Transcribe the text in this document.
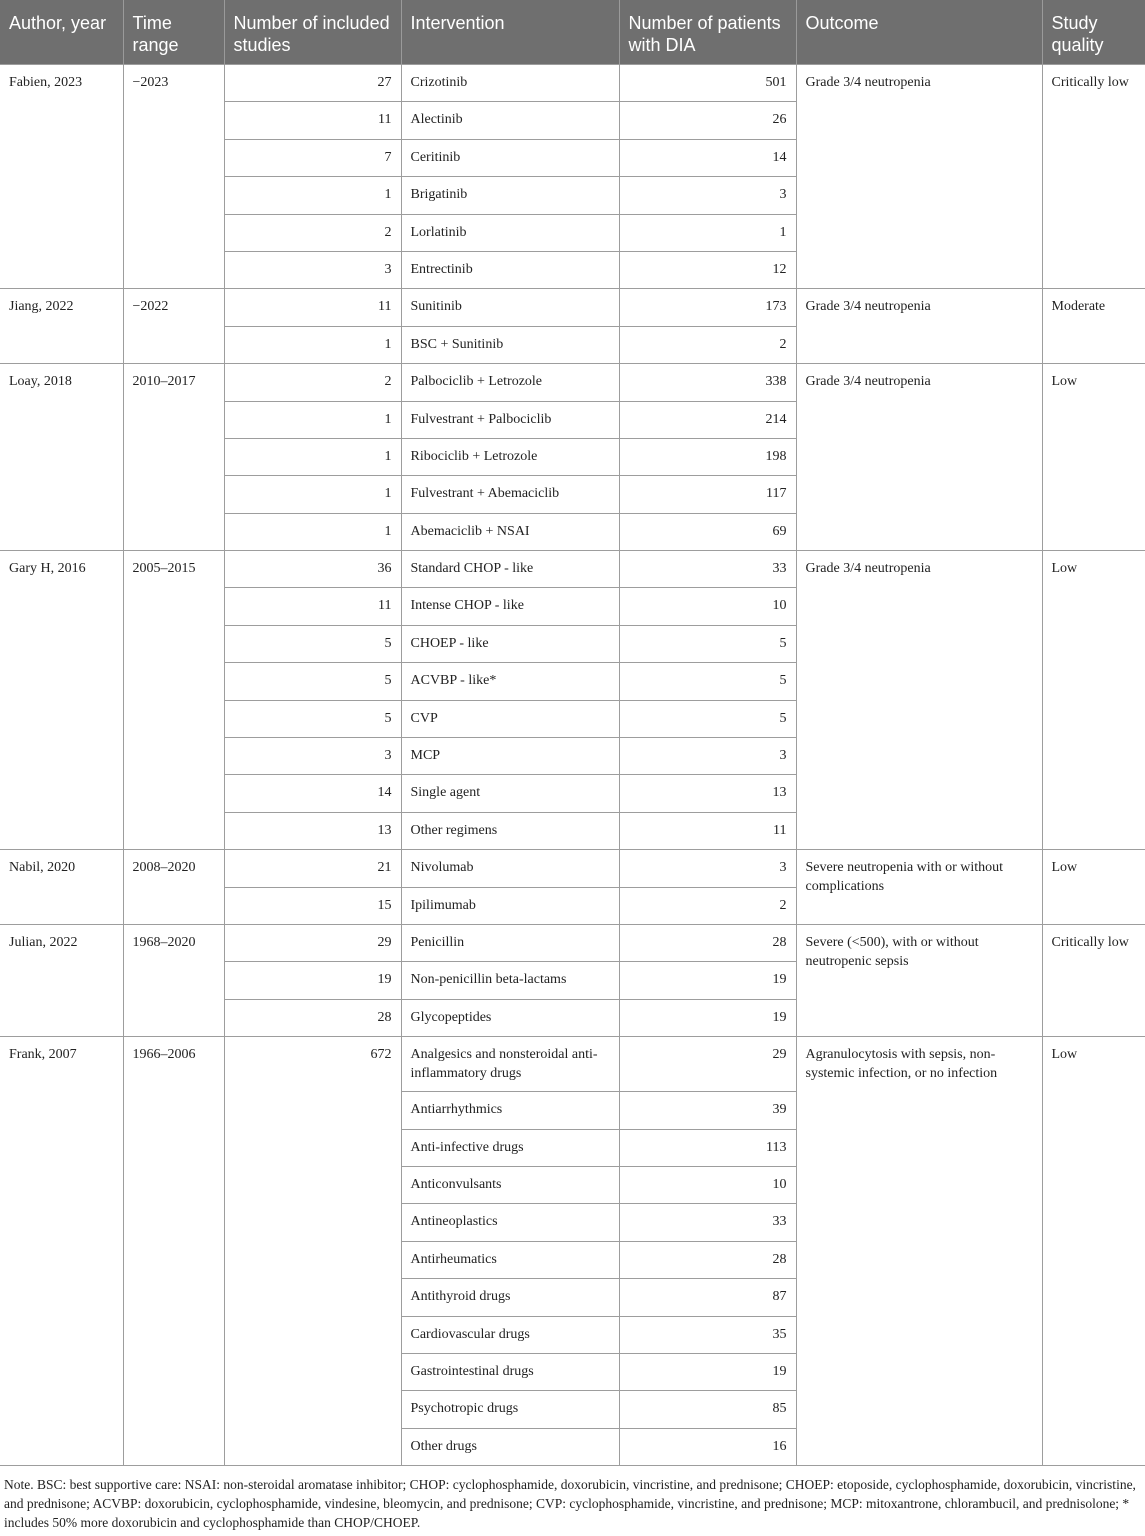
Author, year	Time range	Number of included studies	Intervention	Number of patients with DIA	Outcome	Study quality
Fabien, 2023	−2023	27	Crizotinib	501	Grade 3/4 neutropenia	Critically low
		11	Alectinib	26		
		7	Ceritinib	14		
		1	Brigatinib	3		
		2	Lorlatinib	1		
		3	Entrectinib	12		
Jiang, 2022	−2022	11	Sunitinib	173	Grade 3/4 neutropenia	Moderate
		1	BSC + Sunitinib	2		
Loay, 2018	2010–2017	2	Palbociclib + Letrozole	338	Grade 3/4 neutropenia	Low
		1	Fulvestrant + Palbociclib	214		
		1	Ribociclib + Letrozole	198		
		1	Fulvestrant + Abemaciclib	117		
		1	Abemaciclib + NSAI	69		
Gary H, 2016	2005–2015	36	Standard CHOP - like	33	Grade 3/4 neutropenia	Low
		11	Intense CHOP - like	10		
		5	CHOEP - like	5		
		5	ACVBP - like*	5		
		5	CVP	5		
		3	MCP	3		
		14	Single agent	13		
		13	Other regimens	11		
Nabil, 2020	2008–2020	21	Nivolumab	3	Severe neutropenia with or without complications	Low
		15	Ipilimumab	2		
Julian, 2022	1968–2020	29	Penicillin	28	Severe (<500), with or without neutropenic sepsis	Critically low
		19	Non-penicillin beta-lactams	19		
		28	Glycopeptides	19		
Frank, 2007	1966–2006	672	Analgesics and nonsteroidal anti-inflammatory drugs	29	Agranulocytosis with sepsis, non-systemic infection, or no infection	Low
			Antiarrhythmics	39		
			Anti-infective drugs	113		
			Anticonvulsants	10		
			Antineoplastics	33		
			Antirheumatics	28		
			Antithyroid drugs	87		
			Cardiovascular drugs	35		
			Gastrointestinal drugs	19		
			Psychotropic drugs	85		
			Other drugs	16		
Note. BSC: best supportive care: NSAI: non-steroidal aromatase inhibitor; CHOP: cyclophosphamide, doxorubicin, vincristine, and prednisone; CHOEP: etoposide, cyclophosphamide, doxorubicin, vincristine, and prednisone; ACVBP: doxorubicin, cyclophosphamide, vindesine, bleomycin, and prednisone; CVP: cyclophosphamide, vincristine, and prednisone; MCP: mitoxantrone, chlorambucil, and prednisolone; * includes 50% more doxorubicin and cyclophosphamide than CHOP/CHOEP.
